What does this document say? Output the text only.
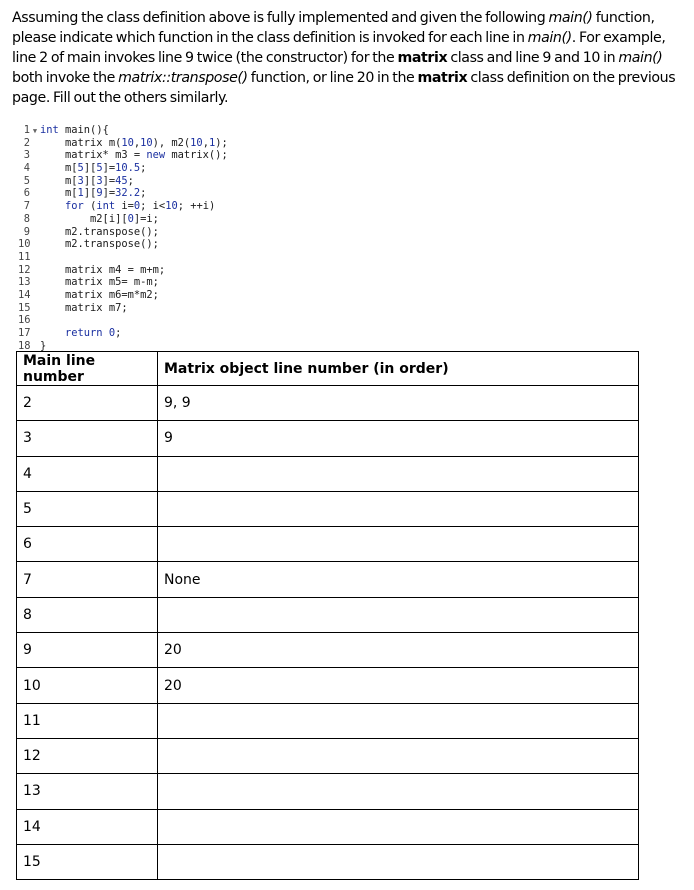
Assuming the class definition above is fully implemented and given the following main() function, please indicate which function in the class definition is invoked for each line in main(). For example, line 2 of main invokes line 9 twice (the constructor) for the matrix class and line 9 and 10 in main() both invoke the matrix::transpose() function, or line 20 in the matrix class definition on the previous page. Fill out the others similarly.

1 ▼ int main(){
2    matrix m(10,10), m2(10,1);
3    matrix* m3 = new matrix();
4    m[5][5]=10.5;
5    m[3][3]=45;
6    m[1][9]=32.2;
7	for (int i=0; i<10; ++i)
8        m2[i][0]=i;
9    m2.transpose();
10    m2.transpose();
11
12    matrix m4 = m+m;
13    matrix m5= m-m;
14    matrix m6=m*m2;
15    matrix m7;
16
17	return 0;
18 }
Main line number	Matrix object line number (in order)
2	9, 9
3	9
4	
5	
6	
7	None
8	
9	20
10	20
11	
12	
13	
14	
15	
